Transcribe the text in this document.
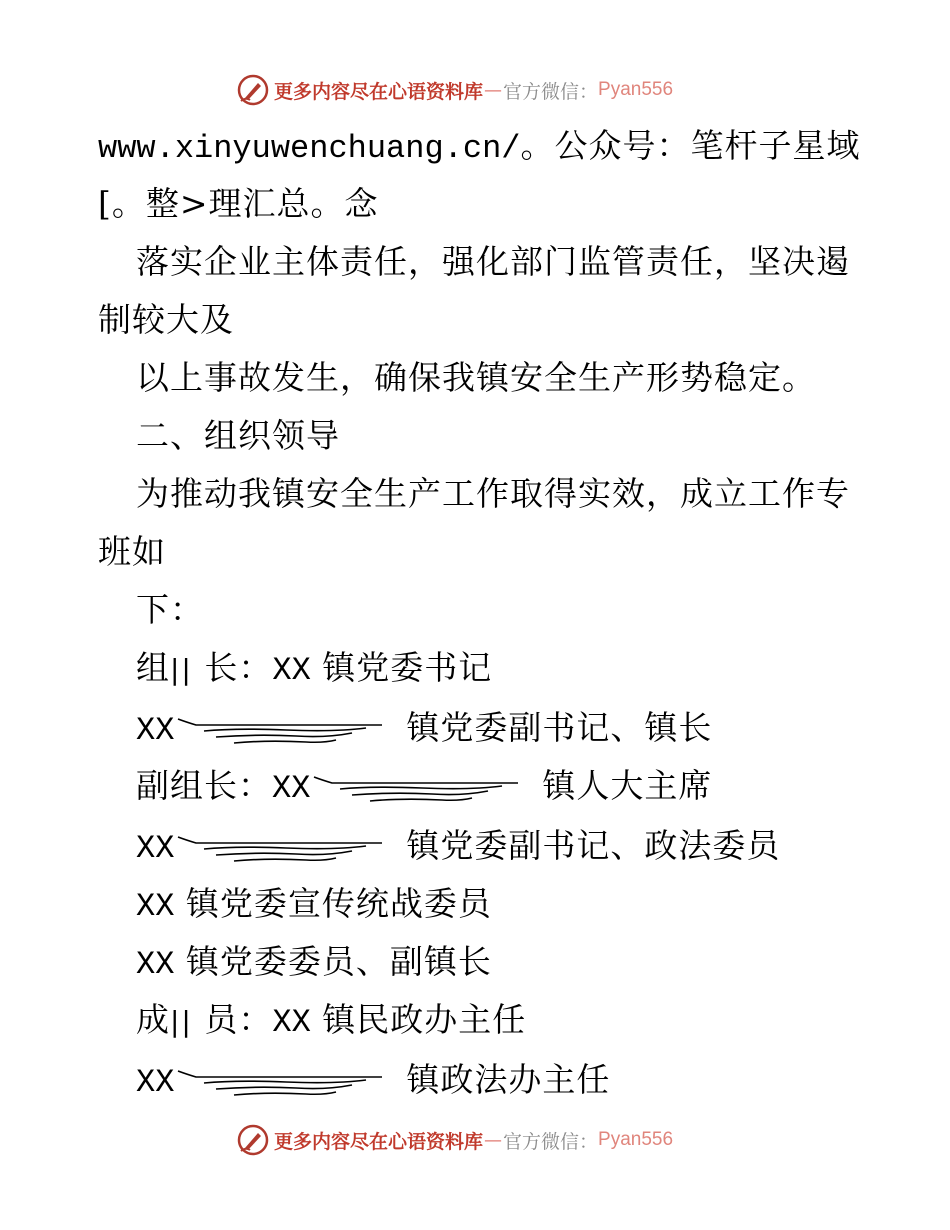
更多内容尽在心语资料库 — 官方微信 ： Pyan556
www.xinyuwenchuang.cn/。公众号：笔杆子星域
[。整>理汇总。念
落实企业主体责任，强化部门监管责任，坚决遏
制较大及
以上事故发生，确保我镇安全生产形势稳定。
二、组织领导
为推动我镇安全生产工作取得实效，成立工作专
班如
下：
组|| 长：XX 镇党委书记
XX	镇党委副书记、镇长
副组长：XX	镇人大主席
XX	镇党委副书记、政法委员
XX 镇党委宣传统战委员
XX 镇党委委员、副镇长
成|| 员：XX 镇民政办主任
XX	镇政法办主任
更多内容尽在心语资料库 — 官方微信 ： Pyan556
